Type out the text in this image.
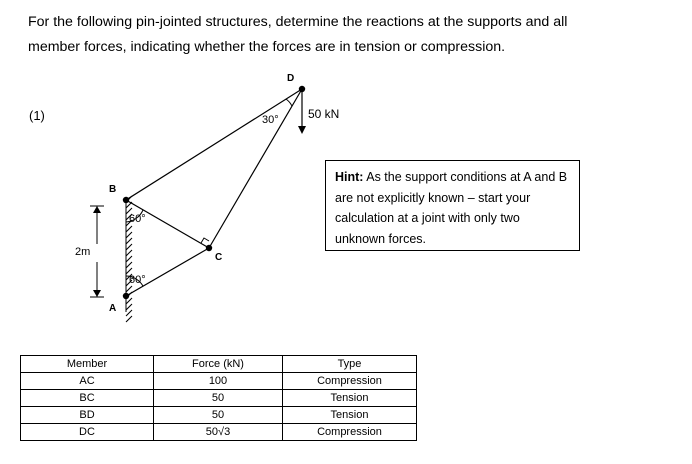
For the following pin-jointed structures, determine the reactions at the supports and all
member forces, indicating whether the forces are in tension or compression.
(1)
B
A
C
D
60°
60°
30°
2m
50 kN
Hint: As the support conditions at A and B are not explicitly known – start your calculation at a joint with only two unknown forces.
Member	Force (kN)	Type
AC	100	Compression
BC	50	Tension
BD	50	Tension
DC	50√3	Compression
